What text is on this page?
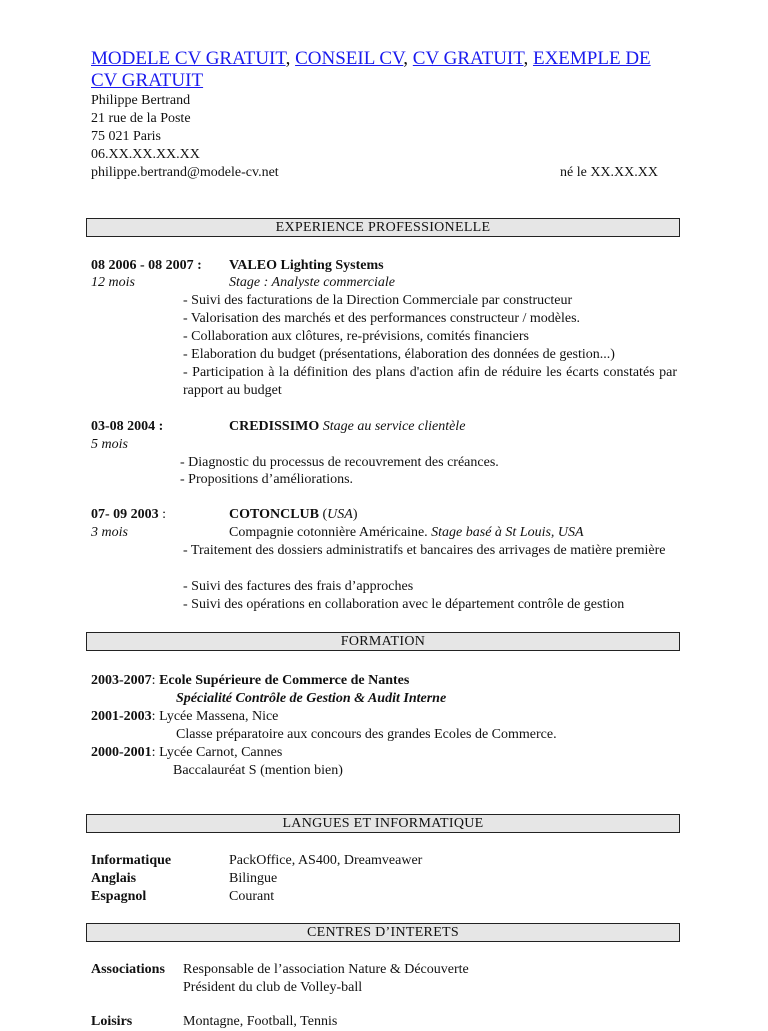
MODELE CV GRATUIT, CONSEIL CV, CV GRATUIT, EXEMPLE DE
CV GRATUIT
Philippe Bertrand
21 rue de la Poste
75 021 Paris
06.XX.XX.XX.XX
philippe.bertrand@modele-cv.net	né le XX.XX.XX
EXPERIENCE PROFESSIONELLE
08 2006 - 08 2007 : VALEO Lighting Systems
12 mois	Stage : Analyste commerciale
- Suivi des facturations de la Direction Commerciale par constructeur
- Valorisation des marchés et des performances constructeur / modèles.
- Collaboration aux clôtures, re-prévisions, comités financiers
- Elaboration du budget (présentations, élaboration des données de gestion...)
- Participation à la définition des plans d'action afin de réduire les écarts constatés par rapport au budget
03-08 2004 :	CREDISSIMO Stage au service clientèle
5 mois
- Diagnostic du processus de recouvrement des créances.
- Propositions d’améliorations.
07- 09 2003 :	COTONCLUB (USA)
3 mois	Compagnie cotonnière Américaine. Stage basé à St Louis, USA
- Traitement des dossiers administratifs et bancaires des arrivages de matière première
- Suivi des factures des frais d’approches
- Suivi des opérations en collaboration avec le département contrôle de gestion
FORMATION
2003-2007: Ecole Supérieure de Commerce de Nantes
Spécialité Contrôle de Gestion & Audit Interne
2001-2003: Lycée Massena, Nice
Classe préparatoire aux concours des grandes Ecoles de Commerce.
2000-2001: Lycée Carnot, Cannes
Baccalauréat S (mention bien)
LANGUES ET INFORMATIQUE
Informatique	PackOffice, AS400, Dreamveawer
Anglais	Bilingue
Espagnol	Courant
CENTRES D’INTERETS
Associations Responsable de l’association Nature & Découverte
Président du club de Volley-ball
Loisirs	Montagne, Football, Tennis
